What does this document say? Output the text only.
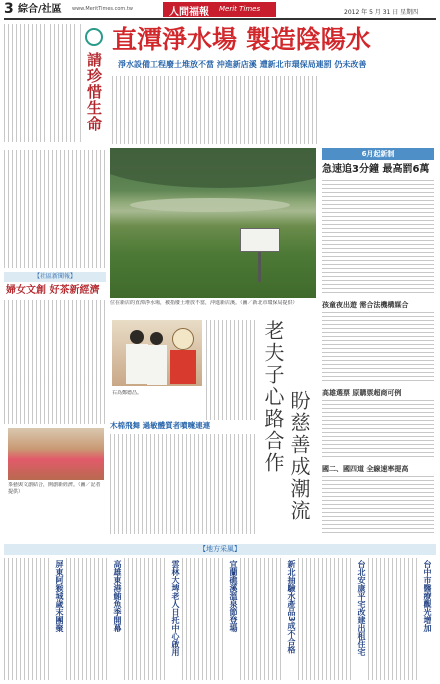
3 綜合/社區 www.MeritTimes.com.tw	人間福報 Merit Times	2012 年 5 月 31 日 星期四
請珍惜生命
直潭淨水場 製造陰陽水
淨水設備工程廢土堆放不當 沖進新店溪 遭新北市環保局連罰 仍未改善
位在新店的直潭淨水場，被指廢土堆放不當，沖進新店溪。（圖／新北市環保局提供）
【社區新聞報】
婦女文創 好茶新經濟
茶藝與文創結合，開創新經濟。（圖／記者提供）
右為鄭德昌。
木棉飛舞 過敏體質者噴嚏連連	老夫子心路合作 盼慈善成潮流
6月起新制
急速追3分鐘 最高罰6萬
孩童夜出遊 需合法機構媒合
高雄選票 原購票超商可例
國二、國四道 全線速率提高
【地方采風】
屏東阿猴城歲末團聚	高雄東港鮪魚季開幕	雲林大埤老人日托中心啟用	宜蘭礁溪溫泉節登場	新北抽驗水產品3成不合格	台北安康平宅改建出租住宅	台中市醫療觀光增加
